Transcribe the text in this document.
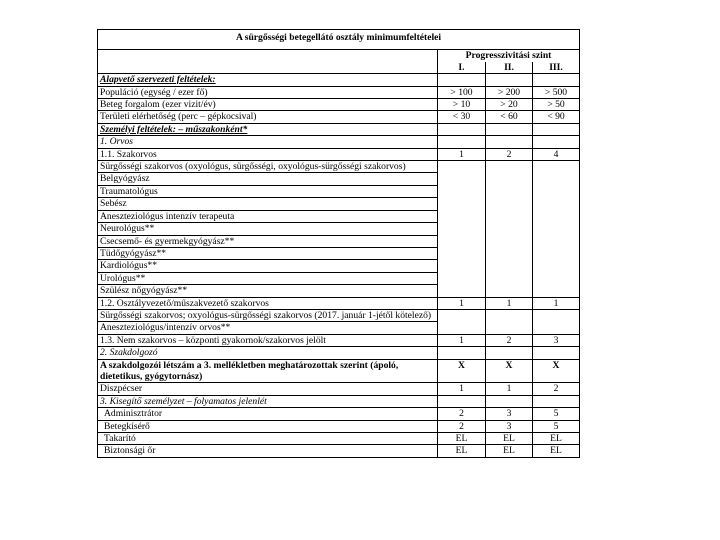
A sürgősségi betegellátó osztály minimumfeltételei			
	Progresszivitási szint		
	I.	II.	III.
Alapvető szervezeti feltételek:			
Populáció (egység / ezer fő)	> 100	> 200	> 500
Beteg forgalom (ezer vizit/év)	> 10	> 20	> 50
Területi elérhetőség (perc – gépkocsival)	< 30	< 60	< 90
Személyi feltételek: – műszakonként*			
1. Orvos			
1.1. Szakorvos	1	2	4
Sürgősségi szakorvos (oxyológus, sürgősségi, oxyológus-sürgősségi szakorvos)			
Belgyógyász			
Traumatológus			
Sebész			
Aneszteziológus intenzív terapeuta			
Neurológus**			
Csecsemő- és gyermekgyógyász**			
Tüdőgyógyász**			
Kardiológus**			
Urológus**			
Szülész nőgyógyász**			
1.2. Osztályvezető/műszakvezető szakorvos	1	1	1
Sürgősségi szakorvos; oxyológus-sürgősségi szakorvos (2017. január 1-jétől kötelező)			
Aneszteziológus/intenzív orvos**			
1.3. Nem szakorvos – központi gyakornok/szakorvos jelölt	1	2	3
2. Szakdolgozó			
A szakdolgozói létszám a 3. mellékletben meghatározottak szerint (ápoló, dietetikus, gyógytornász)	X	X	X
Diszpécser	1	1	2
3. Kisegítő személyzet – folyamatos jelenlét			
Adminisztrátor	2	3	5
Betegkísérő	2	3	5
Takarító	EL	EL	EL
Biztonsági őr	EL	EL	EL
